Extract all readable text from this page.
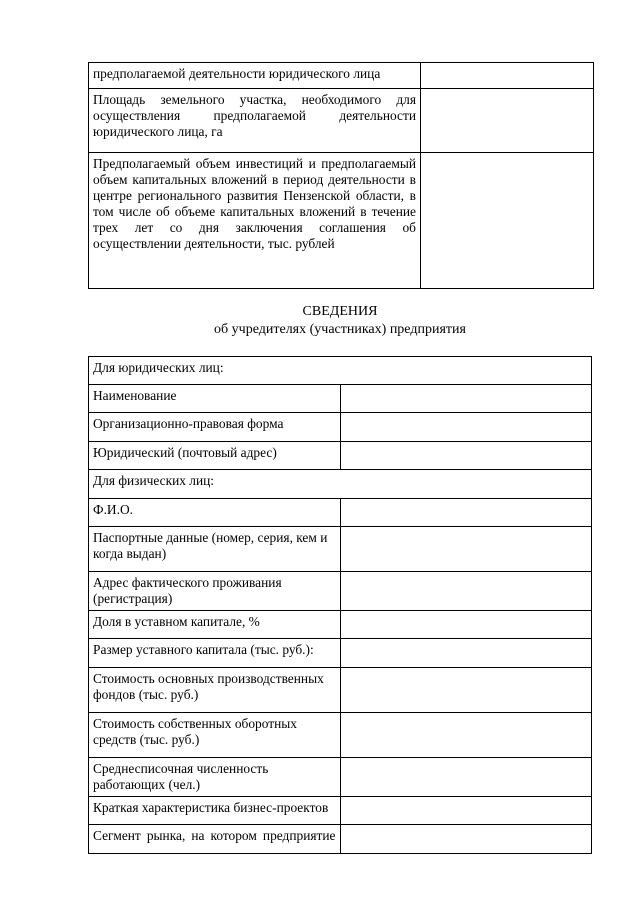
предполагаемой деятельности юридического лица	
Площадь земельного участка, необходимого для осуществления предполагаемой деятельности юридического лица, га	
Предполагаемый объем инвестиций и предполагаемый объем капитальных вложений в период деятельности в центре регионального развития Пензенской области, в том числе об объеме капитальных вложений в течение трех лет со дня заключения соглашения об осуществлении деятельности, тыс. рублей	
СВЕДЕНИЯ
об учредителях (участниках) предприятия
Для юридических лиц:	
Наименование	
Организационно-правовая форма	
Юридический (почтовый адрес)	
Для физических лиц:	
Ф.И.О.	
Паспортные данные (номер, серия, кем и когда выдан)	
Адрес фактического проживания (регистрация)	
Доля в уставном капитале, %	
Размер уставного капитала (тыс. руб.):	
Стоимость основных производственных фондов (тыс. руб.)	
Стоимость собственных оборотных средств (тыс. руб.)	
Среднесписочная численность работающих (чел.)	
Краткая характеристика бизнес-проектов	
Сегмент рынка, на котором предприятие	
